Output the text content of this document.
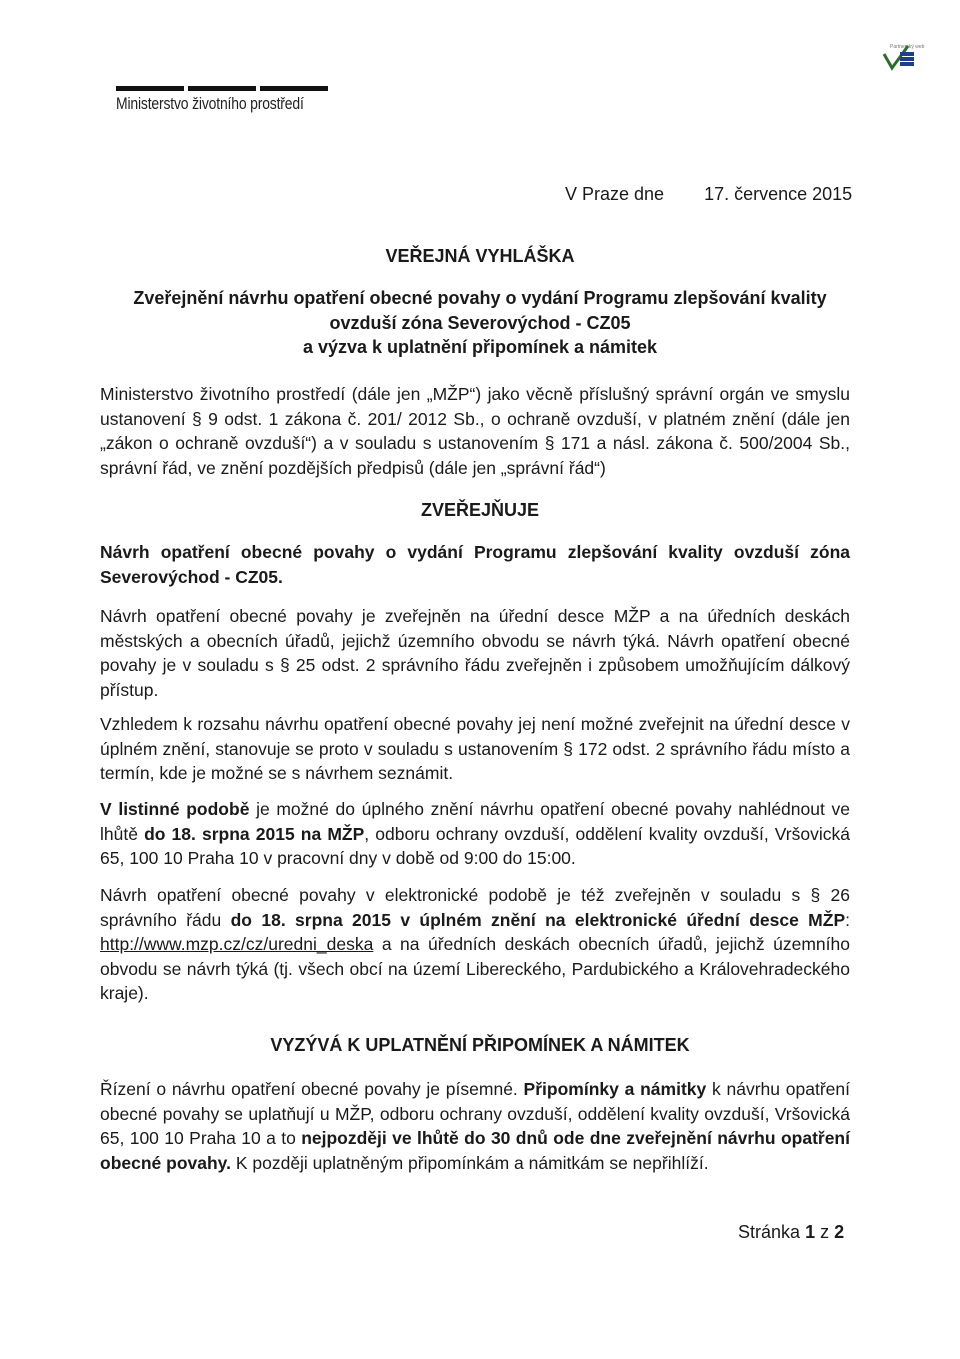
Partnerský web
Ministerstvo životního prostředí
V Praze dne 17. července 2015
VEŘEJNÁ VYHLÁŠKA
Zveřejnění návrhu opatření obecné povahy o vydání Programu zlepšování kvality
ovzduší zóna Severovýchod - CZ05
a výzva k uplatnění připomínek a námitek
Ministerstvo životního prostředí (dále jen „MŽP“) jako věcně příslušný správní orgán ve smyslu ustanovení § 9 odst. 1 zákona č. 201/ 2012 Sb., o ochraně ovzduší, v platném znění (dále jen „zákon o ochraně ovzduší“) a v souladu s ustanovením § 171 a násl. zákona č. 500/2004 Sb., správní řád, ve znění pozdějších předpisů (dále jen „správní řád“)
ZVEŘEJŇUJE
Návrh opatření obecné povahy o vydání Programu zlepšování kvality ovzduší zóna Severovýchod - CZ05.
Návrh opatření obecné povahy je zveřejněn na úřední desce MŽP a na úředních deskách městských a obecních úřadů, jejichž územního obvodu se návrh týká. Návrh opatření obecné povahy je v souladu s § 25 odst. 2 správního řádu zveřejněn i způsobem umožňujícím dálkový přístup.
Vzhledem k rozsahu návrhu opatření obecné povahy jej není možné zveřejnit na úřední desce v úplném znění, stanovuje se proto v souladu s ustanovením § 172 odst. 2 správního řádu místo a termín, kde je možné se s návrhem seznámit.
V listinné podobě je možné do úplného znění návrhu opatření obecné povahy nahlédnout ve lhůtě do 18. srpna 2015 na MŽP, odboru ochrany ovzduší, oddělení kvality ovzduší, Vršovická 65, 100 10 Praha 10 v pracovní dny v době od 9:00 do 15:00.
Návrh opatření obecné povahy v elektronické podobě je též zveřejněn v souladu s § 26 správního řádu do 18. srpna 2015 v úplném znění na elektronické úřední desce MŽP: http://www.mzp.cz/cz/uredni_deska a na úředních deskách obecních úřadů, jejichž územního obvodu se návrh týká (tj. všech obcí na území Libereckého, Pardubického a Královehradeckého kraje).
VYZÝVÁ K UPLATNĚNÍ PŘIPOMÍNEK A NÁMITEK
Řízení o návrhu opatření obecné povahy je písemné. Připomínky a námitky k návrhu opatření obecné povahy se uplatňují u MŽP, odboru ochrany ovzduší, oddělení kvality ovzduší, Vršovická 65, 100 10 Praha 10 a to nejpozději ve lhůtě do 30 dnů ode dne zveřejnění návrhu opatření obecné povahy. K později uplatněným připomínkám a námitkám se nepřihlíží.
Stránka 1 z 2
